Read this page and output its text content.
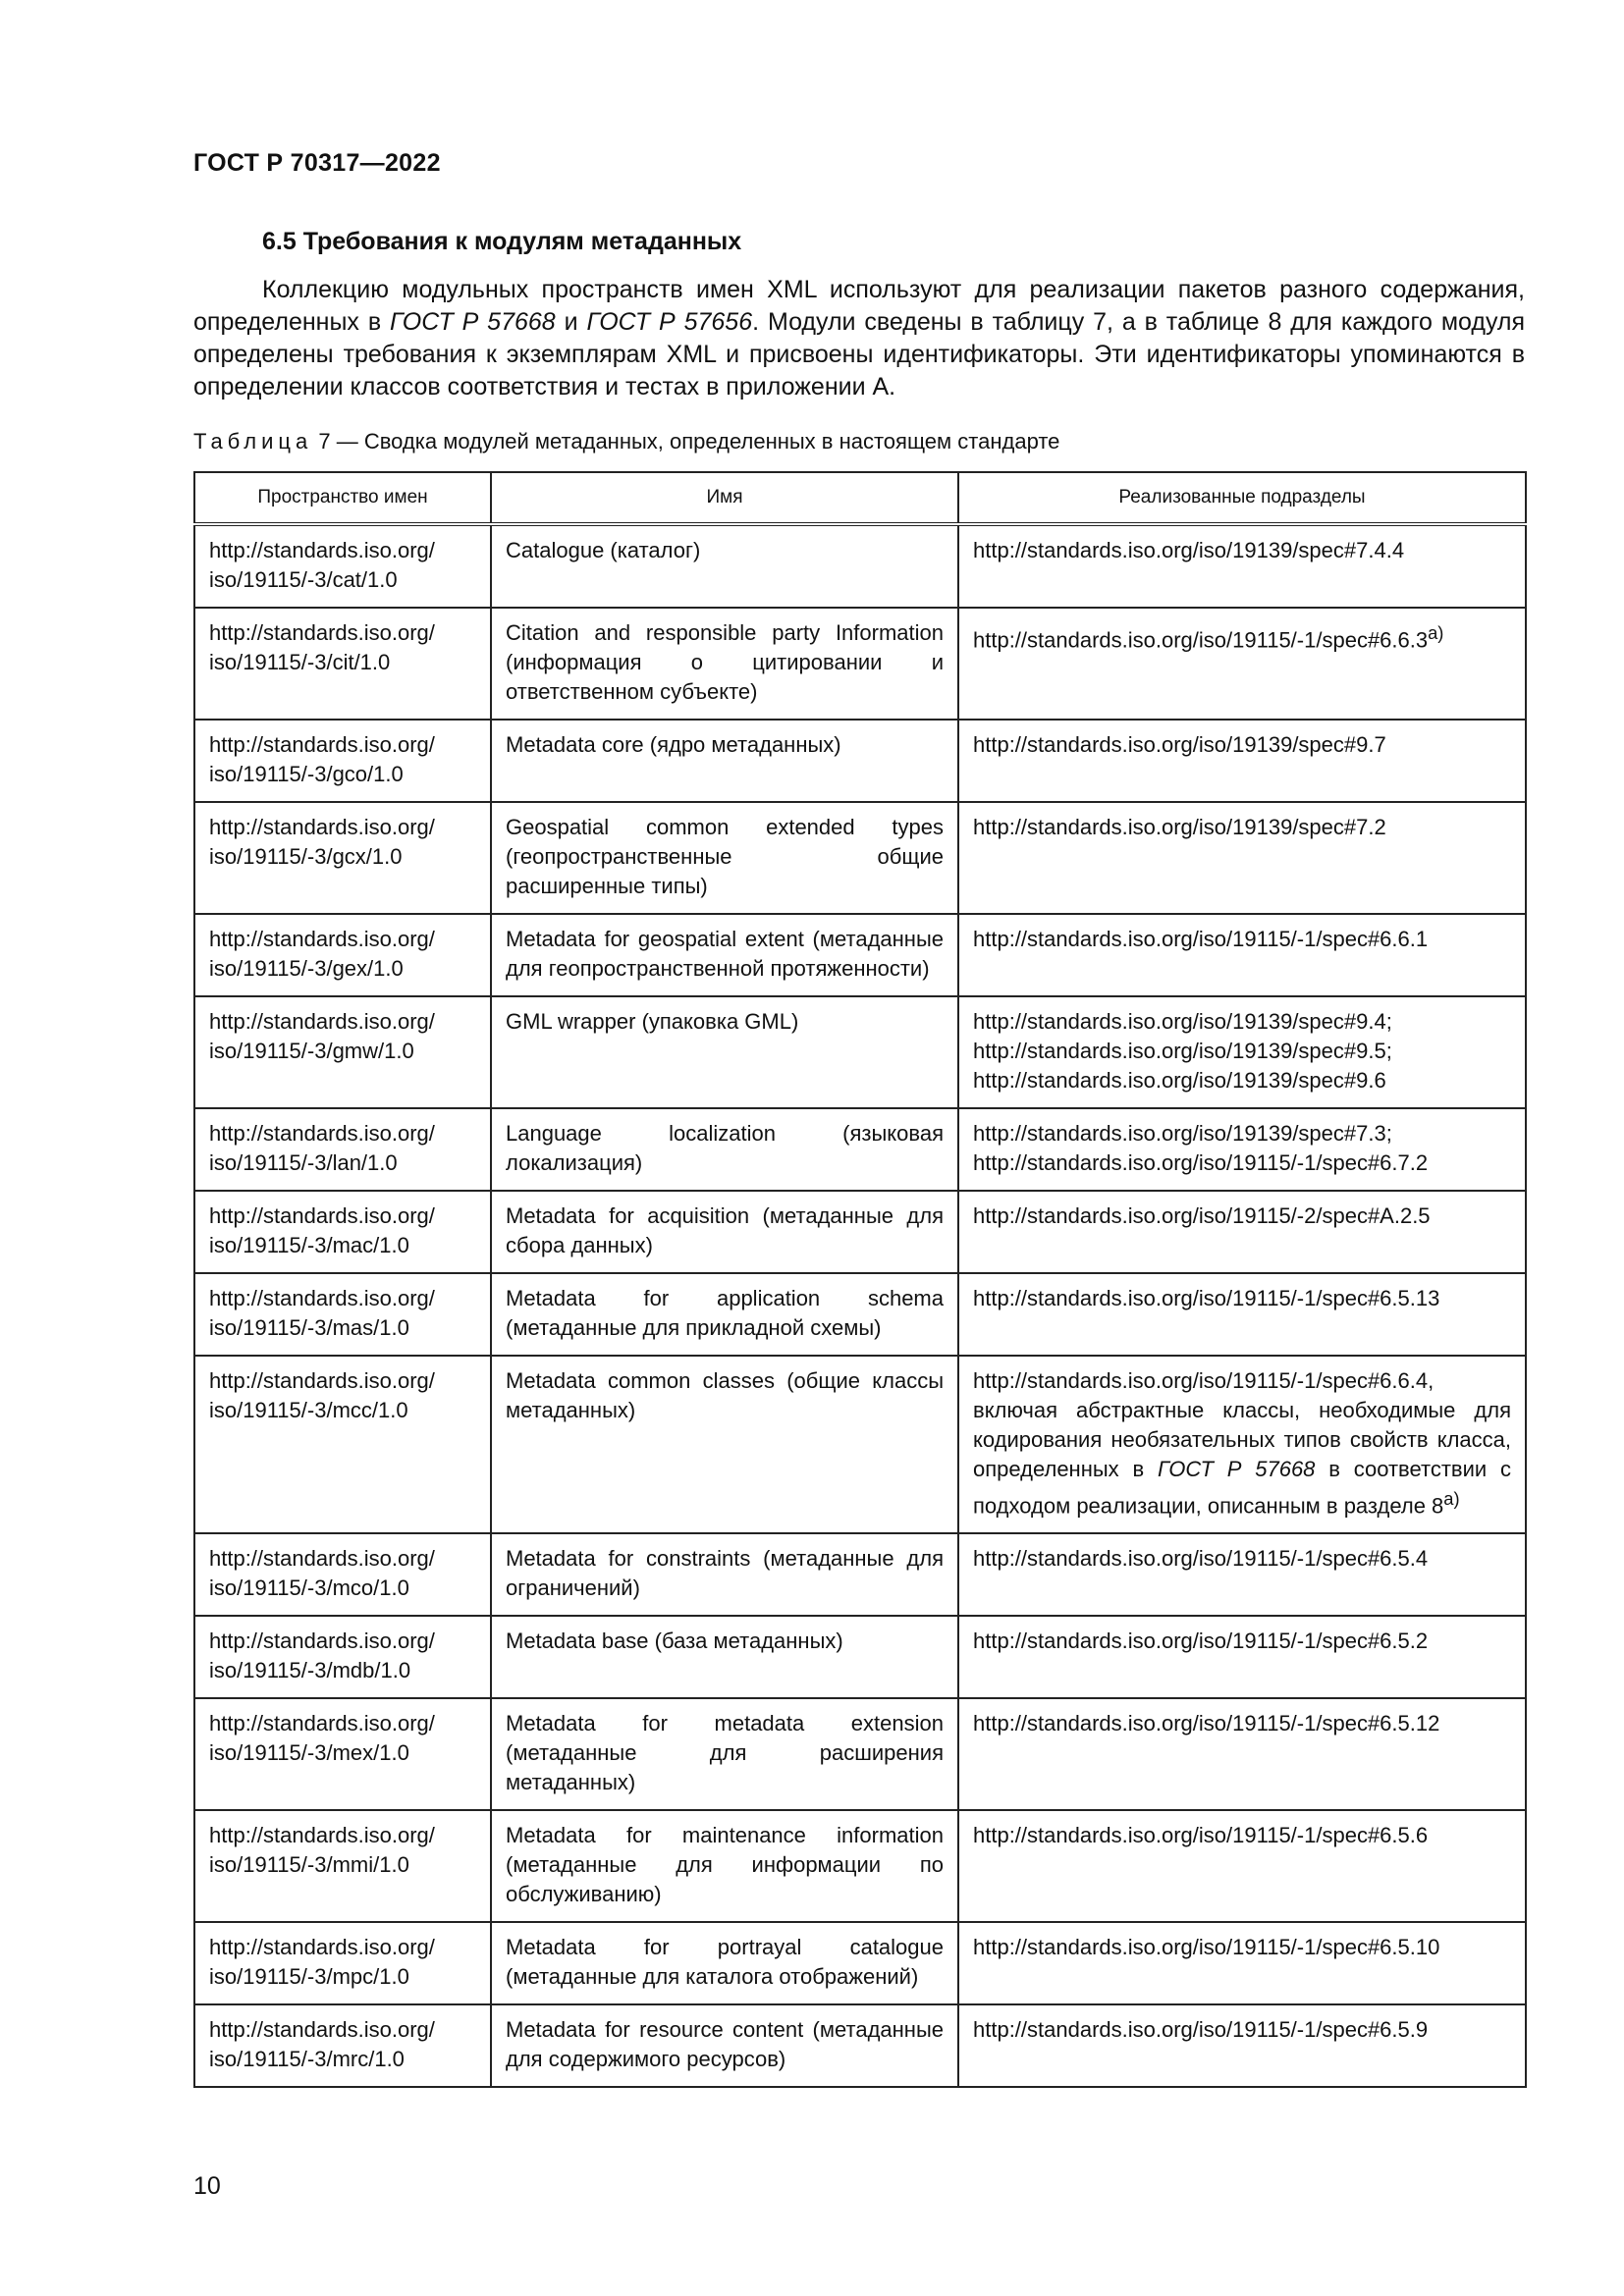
ГОСТ Р 70317—2022
6.5 Требования к модулям метаданных

Коллекцию модульных пространств имен XML используют для реализации пакетов разного содержания, определенных в ГОСТ Р 57668 и ГОСТ Р 57656. Модули сведены в таблицу 7, а в таблице 8 для каждого модуля определены требования к экземплярам XML и присвоены идентификаторы. Эти идентификаторы упоминаются в определении классов соответствия и тестах в приложении А.

Таблица 7 — Сводка модулей метаданных, определенных в настоящем стандарте
Пространство имен	Имя	Реализованные подразделы
http://standards.iso.org/ iso/19115/-3/cat/1.0	Catalogue (каталог)	http://standards.iso.org/iso/19139/spec#7.4.4
http://standards.iso.org/ iso/19115/-3/cit/1.0	Citation and responsible party Information (информация о цитировании и ответственном субъекте)	$http://standards.iso.org/iso/19115/-1/spec\#6.6.3^{а)}$
http://standards.iso.org/ iso/19115/-3/gco/1.0	Metadata core (ядро метаданных)	http://standards.iso.org/iso/19139/spec#9.7
http://standards.iso.org/ iso/19115/-3/gcx/1.0	Geospatial common extended types (геопространственные общие расширенные типы)	http://standards.iso.org/iso/19139/spec#7.2
http://standards.iso.org/ iso/19115/-3/gex/1.0	Metadata for geospatial extent (метаданные для геопространственной протяженности)	http://standards.iso.org/iso/19115/-1/spec#6.6.1
http://standards.iso.org/ iso/19115/-3/gmw/1.0	GML wrapper (упаковка GML)	http://standards.iso.org/iso/19139/spec#9.4; http://standards.iso.org/iso/19139/spec#9.5; http://standards.iso.org/iso/19139/spec#9.6
http://standards.iso.org/ iso/19115/-3/lan/1.0	Language localization (языковая локализация)	http://standards.iso.org/iso/19139/spec#7.3; http://standards.iso.org/iso/19115/-1/spec#6.7.2
http://standards.iso.org/ iso/19115/-3/mac/1.0	Metadata for acquisition (метаданные для сбора данных)	http://standards.iso.org/iso/19115/-2/spec#A.2.5
http://standards.iso.org/ iso/19115/-3/mas/1.0	Metadata for application schema (метаданные для прикладной схемы)	http://standards.iso.org/iso/19115/-1/spec#6.5.13
http://standards.iso.org/ iso/19115/-3/mcc/1.0	Metadata common classes (общие классы метаданных)	http://standards.iso.org/iso/19115/-1/spec#6.6.4, включая абстрактные классы, необходимые для кодирования необязательных типов свойств класса, определенных в ГОСТ Р 57668 в соответствии с подходом реализации, описанным в разделе $8^{а)}$
http://standards.iso.org/ iso/19115/-3/mco/1.0	Metadata for constraints (метаданные для ограничений)	http://standards.iso.org/iso/19115/-1/spec#6.5.4
http://standards.iso.org/ iso/19115/-3/mdb/1.0	Metadata base (база метаданных)	http://standards.iso.org/iso/19115/-1/spec#6.5.2
http://standards.iso.org/ iso/19115/-3/mex/1.0	Metadata for metadata extension (метаданные для расширения метаданных)	http://standards.iso.org/iso/19115/-1/spec#6.5.12
http://standards.iso.org/ iso/19115/-3/mmi/1.0	Metadata for maintenance information (метаданные для информации по обслуживанию)	http://standards.iso.org/iso/19115/-1/spec#6.5.6
http://standards.iso.org/ iso/19115/-3/mpc/1.0	Metadata for portrayal catalogue (метаданные для каталога отображений)	http://standards.iso.org/iso/19115/-1/spec#6.5.10
http://standards.iso.org/ iso/19115/-3/mrc/1.0	Metadata for resource content (метаданные для содержимого ресурсов)	http://standards.iso.org/iso/19115/-1/spec#6.5.9
10
